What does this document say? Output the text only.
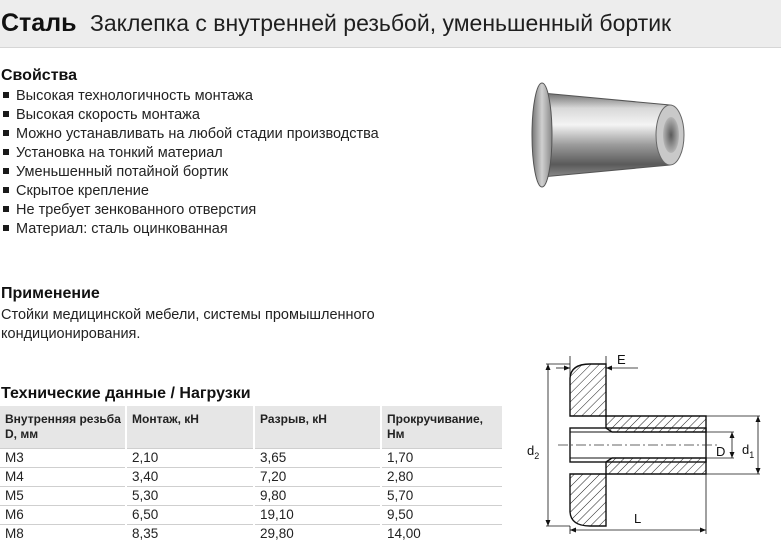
Сталь Заклепка с внутренней резьбой, уменьшенный бортик
Свойства
Высокая технологичность монтажа
Высокая скорость монтажа
Можно устанавливать на любой стадии производства
Установка на тонкий материал
Уменьшенный потайной бортик
Скрытое крепление
Не требует зенкованного отверстия
Материал: сталь оцинкованная
Применение
Стойки медицинской мебели, системы промышленного кондиционирования.
Технические данные / Нагрузки
Внутренняя резьба D, мм	Монтаж, кН	Разрыв, кН	Прокручивание, Нм
M3	2,10	3,65	1,70
M4	3,40	7,20	2,80
M5	5,30	9,80	5,70
M6	6,50	19,10	9,50
M8	8,35	29,80	14,00
E
$d_2$	D $d_1$
L
